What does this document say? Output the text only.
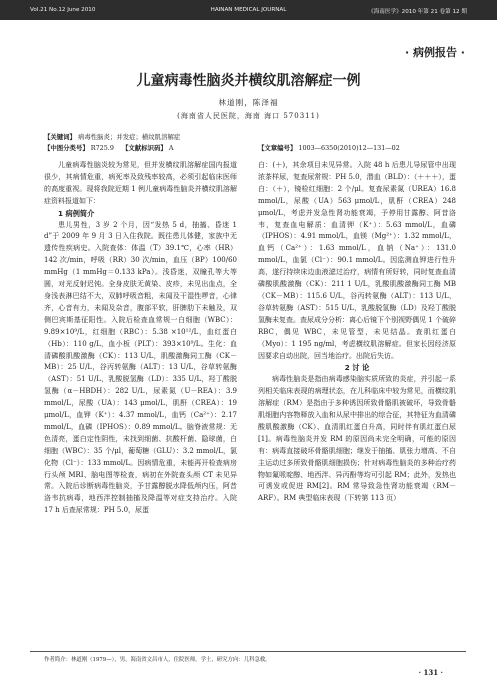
Vol.21 No.12 June 2010	HAINAN MEDICAL JOURNAL	《海南医学》2010 年第 21 卷第 12 期
· 病例报告 ·
儿童病毒性脑炎并横纹肌溶解症一例
林道刚，陈泽福
(海南省人民医院，海南 海口 570311)
【关键词】 病毒性脑炎；并发症；横纹肌溶解症
【中图分类号】 R725.9 【文献标识码】 A	【文章编号】 1003—6350(2010)12—131—02

儿童病毒性脑炎较为常见，但并发横纹肌溶解症国内报道很少，其病情危重，病死率及致残率较高，必须引起临床医师的高度重视。现将我院近期 1 例儿童病毒性脑炎并横纹肌溶解症资料报道如下：

1 病例简介

患儿男性，3 岁 2 个月，因“发热 5 d，抽搐、昏迷 1 d”于 2009 年 9 月 3 日入住我院。既往患儿体健，家族中无遗传性疾病史。入院查体：体温（T）39.1℃，心率（HR）142 次/min，呼吸（RR）30 次/min，血压（BP）100/60 mmHg（1 mmHg＝0.133 kPa）。浅昏迷，双瞳孔等大等圆，对光反射迟钝。全身皮肤无黄染、皮疹，未见出血点，全身浅表淋巴结不大，双肺呼吸音粗，未闻及干湿性啰音，心律齐，心音有力，未闻及杂音，腹部平软，肝脾肋下未触及，双侧巴宾斯基征阳性。入院后检查血常规一白细胞（WBC）：9.89×10⁹/L，红细胞（RBC）：5.38 ×10¹²/L，血红蛋白（Hb）：110 g/L，血小板（PLT）：393×10⁹/L。生化：血清磷酸肌酸激酶（CK）：113 U/L，肌酸激酶同工酶（CK－MB）：25 U/L，谷丙转氨酶（ALT）：13 U/L，谷草转氨酶（AST）：51 U/L，乳酸脱氢酶（LD）：335 U/L，羟丁酸脱氢酶（α－HBDH）：282 U/L，尿素氮（U－REA）：3.9 mmol/L，尿酸（UA）：143 μmol/L，肌酐（CREA）：19 μmol/L，血钾（K⁺）：4.37 mmol/L，血钙（Ca²⁺）：2.17 mmol/L，血磷（IPHOS）：0.89 mmol/L。脑脊液常规：无色清亮，蛋白定性阴性，未找到细菌、抗酸杆菌、隐球菌，白细胞（WBC）：35 个/μl，葡萄糖（GLU）：3.2 mmol/L，氯化物（Cl⁻）：133 mmol/L。因病情危重，未能再开检查病房行头颅 MRI、脑电图等检查，病初在外院查头颅 CT 未见异常。入院后诊断病毒性脑炎，予甘露醇脱水降低颅内压，阿昔洛韦抗病毒，地西泮控制抽搐及降温等对症支持治疗。入院 17 h 后查尿常规：PH 5.0，尿蛋

白：(＋)，其余项目未见异常。入院 48 h 后患儿导尿管中出现浓茶样尿，复查尿常规：PH 5.0，潜血（BLD）：（＋＋＋），蛋白：（＋），镜检红细胞：2 个/μl。复查尿素氮（UREA）16.8 mmol/L，尿酸（UA）563 μmol/L，肌酐（CREA）248 μmol/L，考虑并发急性肾功能衰竭，予停用甘露醇、阿昔洛韦，复查血电解质：血清钾（K⁺）：5.63 mmol/L，血磷（IPHOS）：4.91 mmol/L，血镁（Mg²⁺）：1.32 mmol/L，血钙（Ca²⁺）：1.63 mmol/L，血钠（Na⁺）：131.0 mmol/L，血氯（Cl⁻）：90.1 mmol/L。因监测血钾进行性升高，遂行持续床边血液滤过治疗，病情有所好转，同时复查血清磷酸肌酸激酶（CK）：211 1 U/L，乳酸肌酸激酶同工酶 MB（CK－MB）：115.6 U/L，谷丙转氨酶（ALT）：113 U/L，谷草转氨酶（AST）：515 U/L，乳酸脱氢酶（LD）及羟丁酸脱氢酶未复查。查尿成分分析：离心后镜下个别视野偶见 1 个破碎 RBC，偶见 WBC，未见管型，未见结晶。查肌红蛋白（Myo）：1 195 ng/ml，考虑横纹肌溶解症。但家长因经济原因要求自动出院，回当地治疗。出院后失访。

2 讨 论

病毒性脑炎是指由病毒感染脑实质所致的炎症，并引起一系列相关临床表现的病理状态，在儿科临床中较为常见，而横纹肌溶解症（RM）是指由于多种诱因所致骨骼肌被破坏，导致骨骼肌细胞内容物释放入血和从尿中排出的综合征，其特征为血清磷酸肌酸激酶（CK）、血清肌红蛋白升高，同时伴有肌红蛋白尿[1]。病毒性脑炎并发 RM 的原因尚未完全明确，可能的原因有：病毒直接破坏骨骼肌细胞；继发于抽搐、肌张力增高、不自主运动过多所致骨骼肌细胞损伤；针对病毒性脑炎的多种治疗药物如氟哌啶醇、地西泮、异丙酚等均可引起 RM；此外，发热也可诱发或促进 RM[2]。RM 常导致急性肾功能衰竭（RM－ARF）。RM 典型临床表现（下转第 113 页）

作者简介：林道刚（1979—），男，海南省文昌市人，住院医师，学士，研究方向：儿科急救。
· 131 ·
